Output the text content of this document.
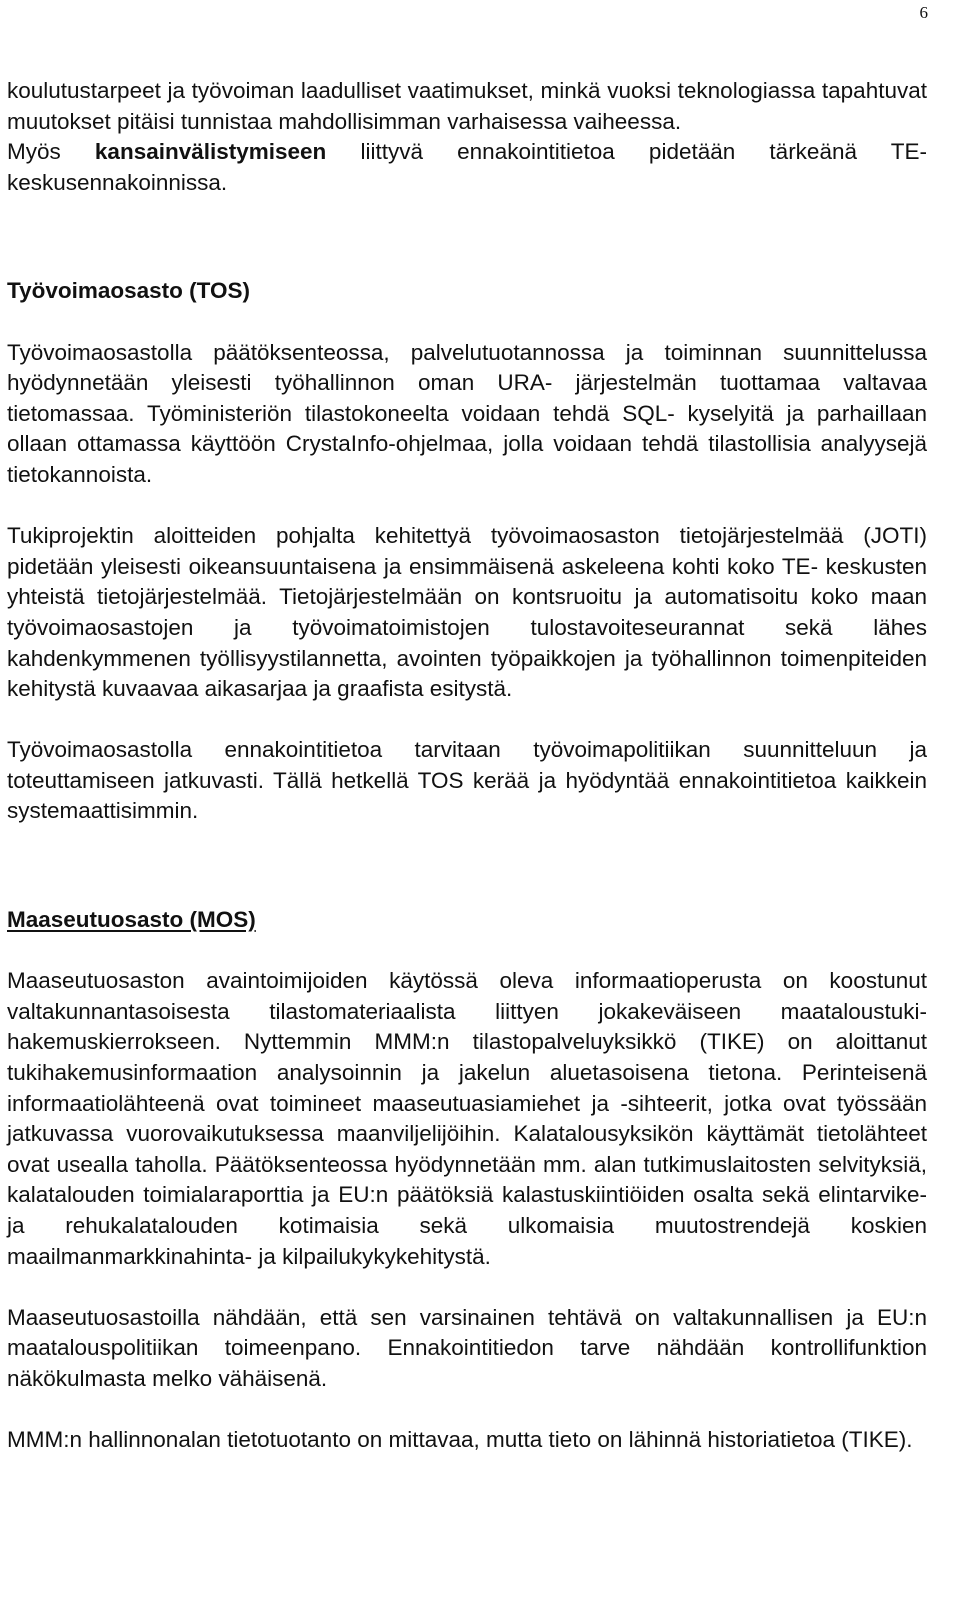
6

koulutustarpeet ja työvoiman laadulliset vaatimukset, minkä vuoksi teknologiassa tapahtuvat muutokset pitäisi tunnistaa mahdollisimman varhaisessa vaiheessa.

Myös kansainvälistymiseen liittyvä ennakointitietoa pidetään tärkeänä TE-keskusennakoinnissa.

Työvoimaosasto (TOS)

Työvoimaosastolla päätöksenteossa, palvelutuotannossa ja toiminnan suunnittelussa hyödynnetään yleisesti työhallinnon oman URA- järjestelmän tuottamaa valtavaa tietomassaa. Työministeriön tilastokoneelta voidaan tehdä SQL- kyselyitä ja parhaillaan ollaan ottamassa käyttöön CrystaInfo-ohjelmaa, jolla voidaan tehdä tilastollisia analyysejä tietokannoista.

Tukiprojektin aloitteiden pohjalta kehitettyä työvoimaosaston tietojärjestelmää (JOTI) pidetään yleisesti oikeansuuntaisena ja ensimmäisenä askeleena kohti koko TE- keskusten yhteistä tietojärjestelmää. Tietojärjestelmään on kontsruoitu ja automatisoitu koko maan työvoimaosastojen ja työvoimatoimistojen tulostavoiteseurannat sekä lähes kahdenkymmenen työllisyystilannetta, avointen työpaikkojen ja työhallinnon toimenpiteiden kehitystä kuvaavaa aikasarjaa ja graafista esitystä.

Työvoimaosastolla ennakointitietoa tarvitaan työvoimapolitiikan suunnitteluun ja toteuttamiseen jatkuvasti. Tällä hetkellä TOS kerää ja hyödyntää ennakointitietoa kaikkein systemaattisimmin.

Maaseutuosasto (MOS)

Maaseutuosaston avaintoimijoiden käytössä oleva informaatioperusta on koostunut valtakunnantasoisesta tilastomateriaalista liittyen jokakeväiseen maataloustuki-hakemuskierrokseen. Nyttemmin MMM:n tilastopalveluyksikkö (TIKE) on aloittanut tukihakemusinformaation analysoinnin ja jakelun aluetasoisena tietona. Perinteisenä informaatiolähteenä ovat toimineet maaseutuasiamiehet ja -sihteerit, jotka ovat työssään jatkuvassa vuorovaikutuksessa maanviljelijöihin. Kalatalousyksikön käyttämät tietolähteet ovat usealla taholla. Päätöksenteossa hyödynnetään mm. alan tutkimuslaitosten selvityksiä, kalatalouden toimialaraporttia ja EU:n päätöksiä kalastuskiintiöiden osalta sekä elintarvike- ja rehukalatalouden kotimaisia sekä ulkomaisia muutostrendejä koskien maailmanmarkkinahinta- ja kilpailukykykehitystä.

Maaseutuosastoilla nähdään, että sen varsinainen tehtävä on valtakunnallisen ja EU:n maatalouspolitiikan toimeenpano. Ennakointitiedon tarve nähdään kontrollifunktion näkökulmasta melko vähäisenä.

MMM:n hallinnonalan tietotuotanto on mittavaa, mutta tieto on lähinnä historiatietoa (TIKE).
